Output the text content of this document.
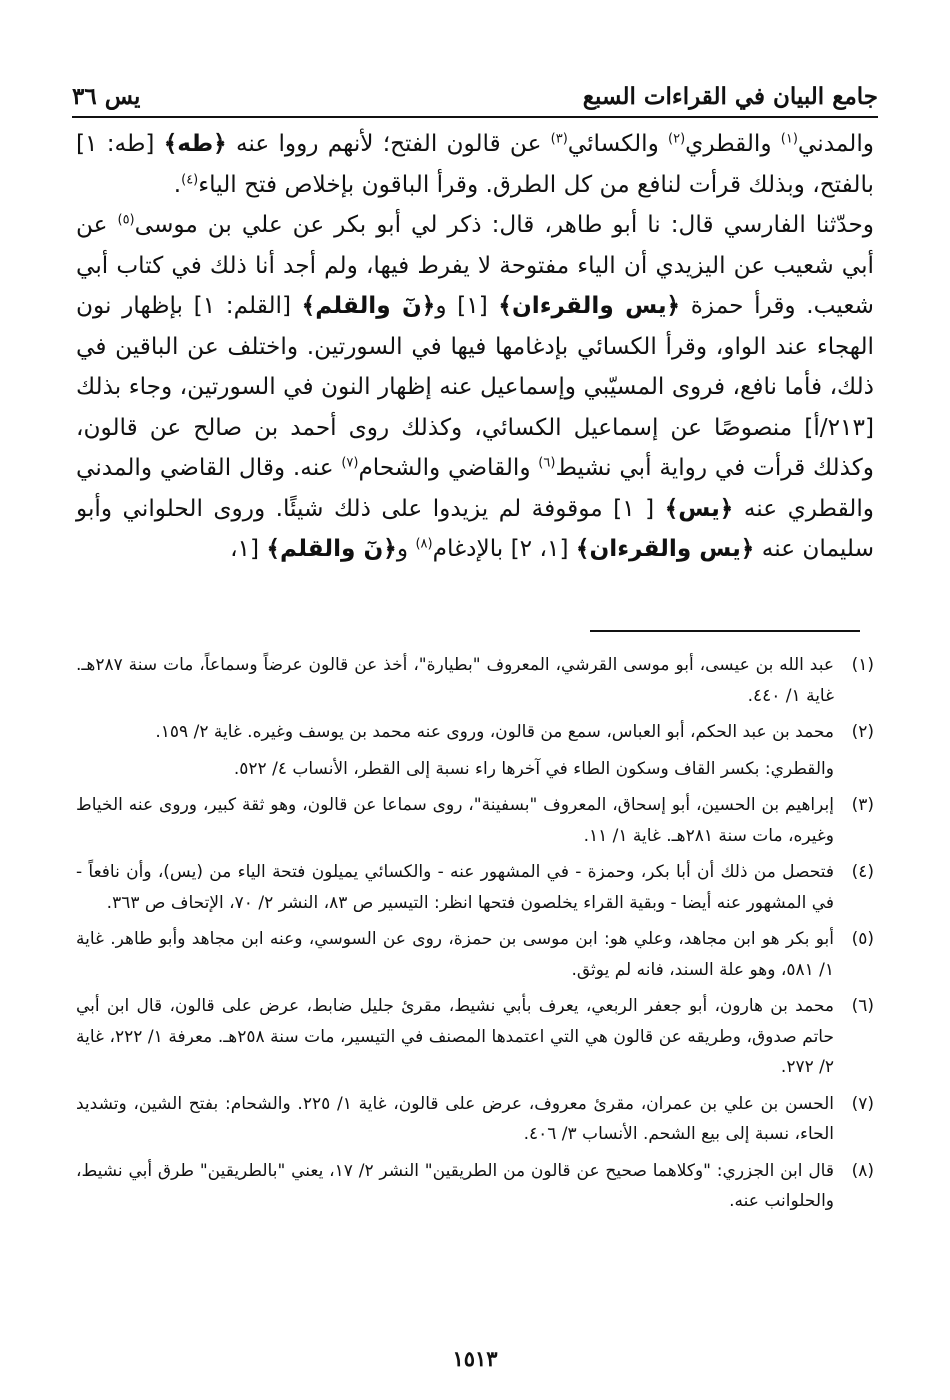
جامع البيان في القراءات السبع
يس ٣٦

والمدني$^{(١)}$ والقطري$^{(٢)}$ والكسائي$^{(٣)}$ عن قالون الفتح؛ لأنهم رووا عنه ﴿طه﴾ [طه: ١] بالفتح، وبذلك قرأت لنافع من كل الطرق. وقرأ الباقون بإخلاص فتح الياء$^{(٤)}$.

وحدّثنا الفارسي قال: نا أبو طاهر، قال: ذكر لي أبو بكر عن علي بن موسى$^{(٥)}$ عن أبي شعيب عن اليزيدي أن الياء مفتوحة لا يفرط فيها، ولم أجد أنا ذلك في كتاب أبي شعيب. وقرأ حمزة ﴿يس والقرءان﴾ [١] و﴿نٓ والقلم﴾ [القلم: ١] بإظهار نون الهجاء عند الواو، وقرأ الكسائي بإدغامها فيها في السورتين. واختلف عن الباقين في ذلك، فأما نافع، فروى المسيّبي وإسماعيل عنه إظهار النون في السورتين، وجاء بذلك [٢١٣/أ] منصوصًا عن إسماعيل الكسائي، وكذلك روى أحمد بن صالح عن قالون، وكذلك قرأت في رواية أبي نشيط$^{(٦)}$ والقاضي والشحام$^{(٧)}$ عنه. وقال القاضي والمدني والقطري عنه ﴿يس﴾ [ ١] موقوفة لم يزيدوا على ذلك شيئًا. وروى الحلواني وأبو سليمان عنه ﴿يس والقرءان﴾ [١، ٢] بالإدغام$^{(٨)}$ و﴿نٓ والقلم﴾ [١،

(١)
عبد الله بن عيسى، أبو موسى القرشي، المعروف "بطيارة"، أخذ عن قالون عرضاً وسماعاً، مات سنة ٢٨٧هـ. غاية ١/ ٤٤٠.
(٢)
محمد بن عبد الحكم، أبو العباس، سمع من قالون، وروى عنه محمد بن يوسف وغيره. غاية ٢/ ١٥٩.
والقطري: بكسر القاف وسكون الطاء في آخرها راء نسبة إلى القطر، الأنساب ٤/ ٥٢٢.
(٣)
إبراهيم بن الحسين، أبو إسحاق، المعروف "بسفينة"، روى سماعا عن قالون، وهو ثقة كبير، وروى عنه الخياط وغيره، مات سنة ٢٨١هـ. غاية ١/ ١١.
(٤)
فتحصل من ذلك أن أبا بكر، وحمزة - في المشهور عنه - والكسائي يميلون فتحة الياء من (يس)، وأن نافعاً - في المشهور عنه أيضا - وبقية القراء يخلصون فتحها انظر: التيسير ص ٨٣، النشر ٢/ ٧٠، الإتحاف ص ٣٦٣.
(٥)
أبو بكر هو ابن مجاهد، وعلي هو: ابن موسى بن حمزة، روى عن السوسي، وعنه ابن مجاهد وأبو طاهر. غاية ١/ ٥٨١، وهو علة السند، فانه لم يوثق.
(٦)
محمد بن هارون، أبو جعفر الربعي، يعرف بأبي نشيط، مقرئ جليل ضابط، عرض على قالون، قال ابن أبي حاتم صدوق، وطريقه عن قالون هي التي اعتمدها المصنف في التيسير، مات سنة ٢٥٨هـ. معرفة ١/ ٢٢٢، غاية ٢/ ٢٧٢.
(٧)
الحسن بن علي بن عمران، مقرئ معروف، عرض على قالون، غاية ١/ ٢٢٥. والشحام: بفتح الشين، وتشديد الحاء، نسبة إلى بيع الشحم. الأنساب ٣/ ٤٠٦.
(٨)
قال ابن الجزري: "وكلاهما صحيح عن قالون من الطريقين" النشر ٢/ ١٧، يعني "بالطريقين" طرق أبي نشيط، والحلوانب عنه.
١٥١٣
